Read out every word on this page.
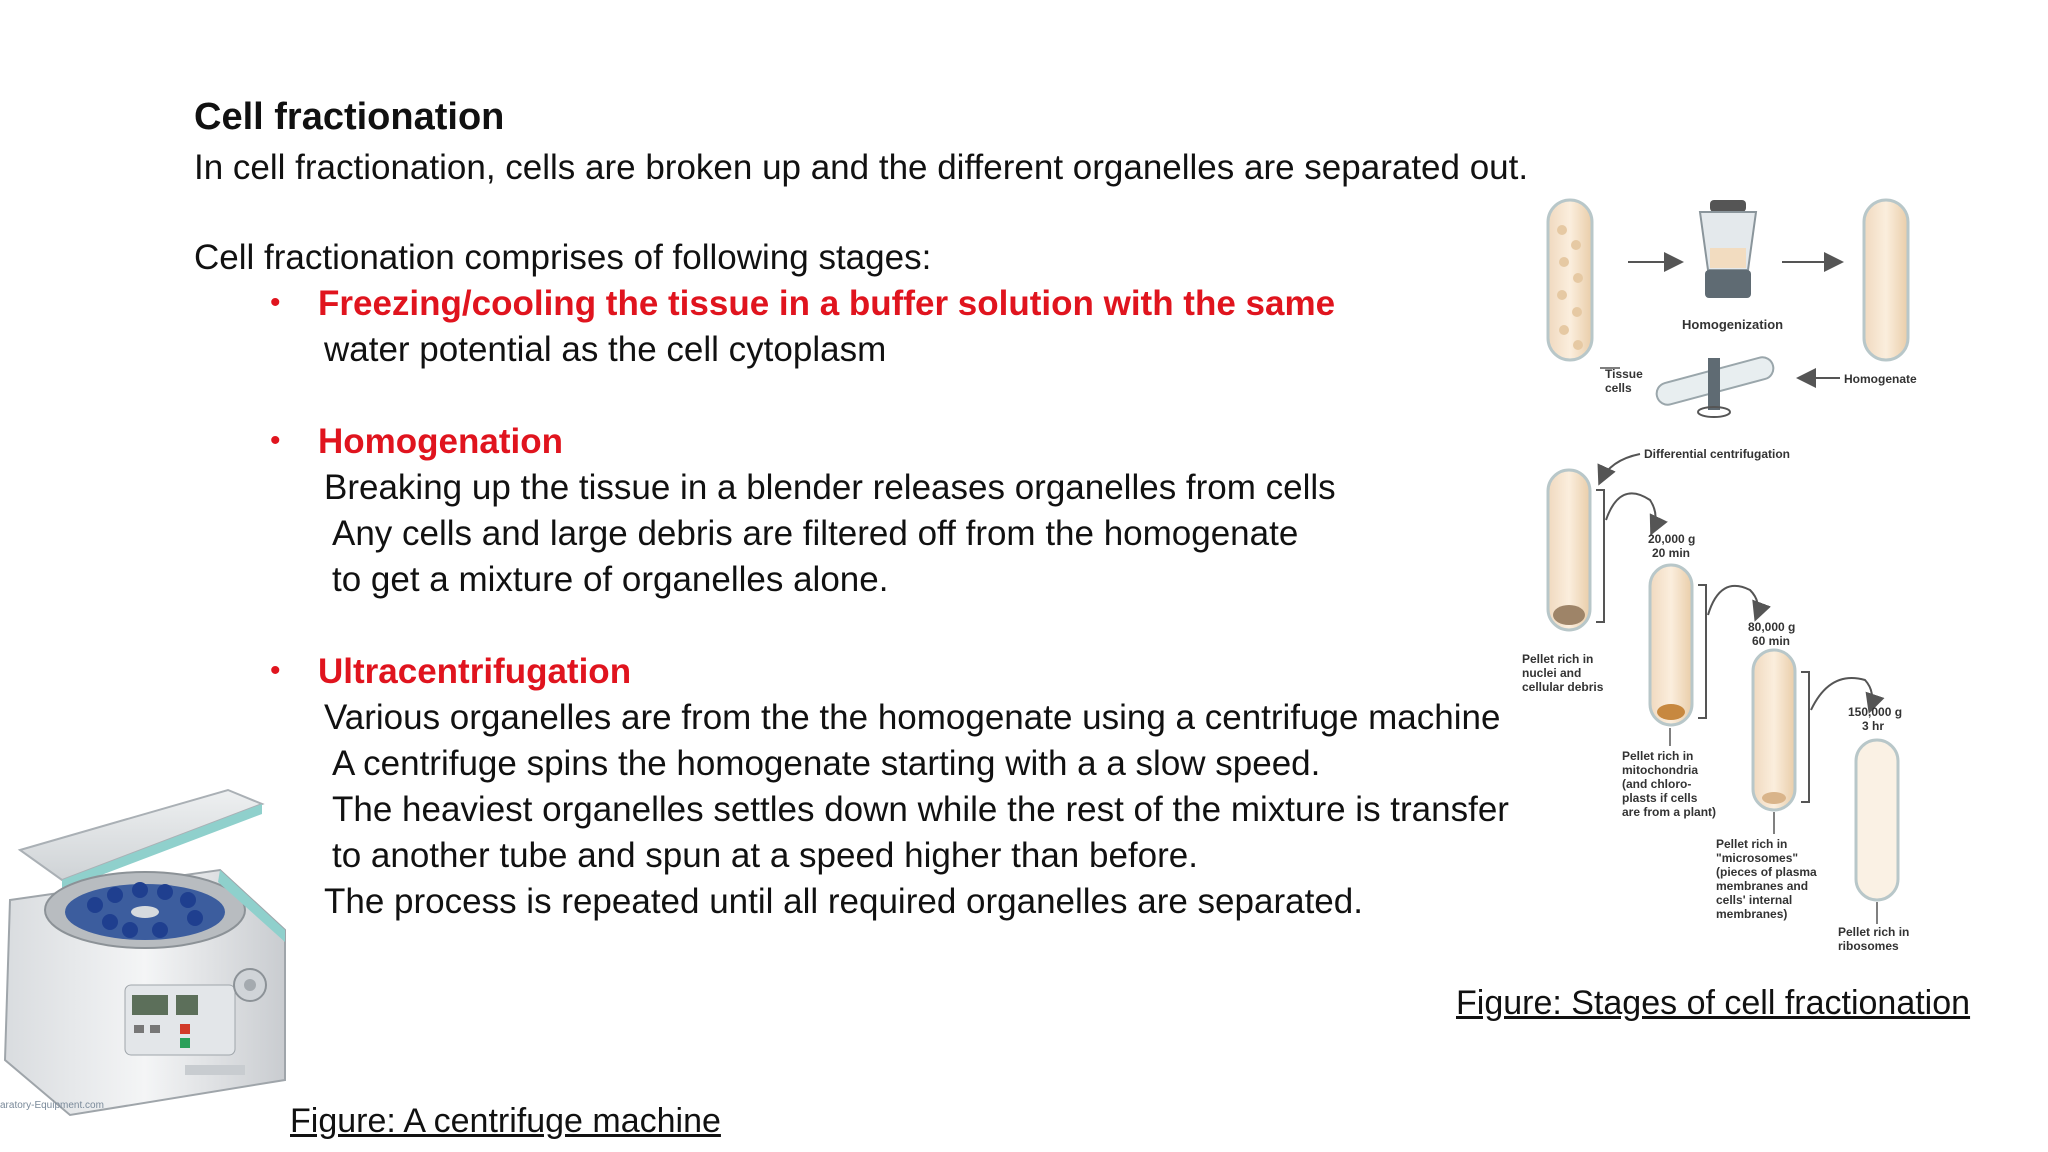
Cell fractionation
In cell fractionation, cells are broken up and the different organelles are separated out.
Cell fractionation comprises of following stages:
• Freezing/cooling the tissue in a buffer solution with the same
water potential as the cell cytoplasm
• Homogenation
Breaking up the tissue in a blender releases organelles from cells
Any cells and large debris are filtered off from the homogenate
to get a mixture of organelles alone.
• Ultracentrifugation
Various organelles are from the the homogenate using a centrifuge machine
A centrifuge spins the homogenate starting with a a slow speed.
The heaviest organelles settles down while the rest of the mixture is transfer
to another tube and spun at a speed higher than before.
The process is repeated until all required organelles are separated.
aratory-Equipment.com
Homogenization
Tissue
cells
Homogenate
Differential centrifugation
20,000 g
20 min
Pellet rich in
nuclei and
cellular debris
80,000 g
60 min
Pellet rich in
mitochondria
(and chloro-
plasts if cells
are from a plant)
150,000 g
3 hr
Pellet rich in
"microsomes"
(pieces of plasma
membranes and
cells' internal
membranes)
Pellet rich in
ribosomes
Figure: Stages of cell fractionation
Figure: A centrifuge machine
